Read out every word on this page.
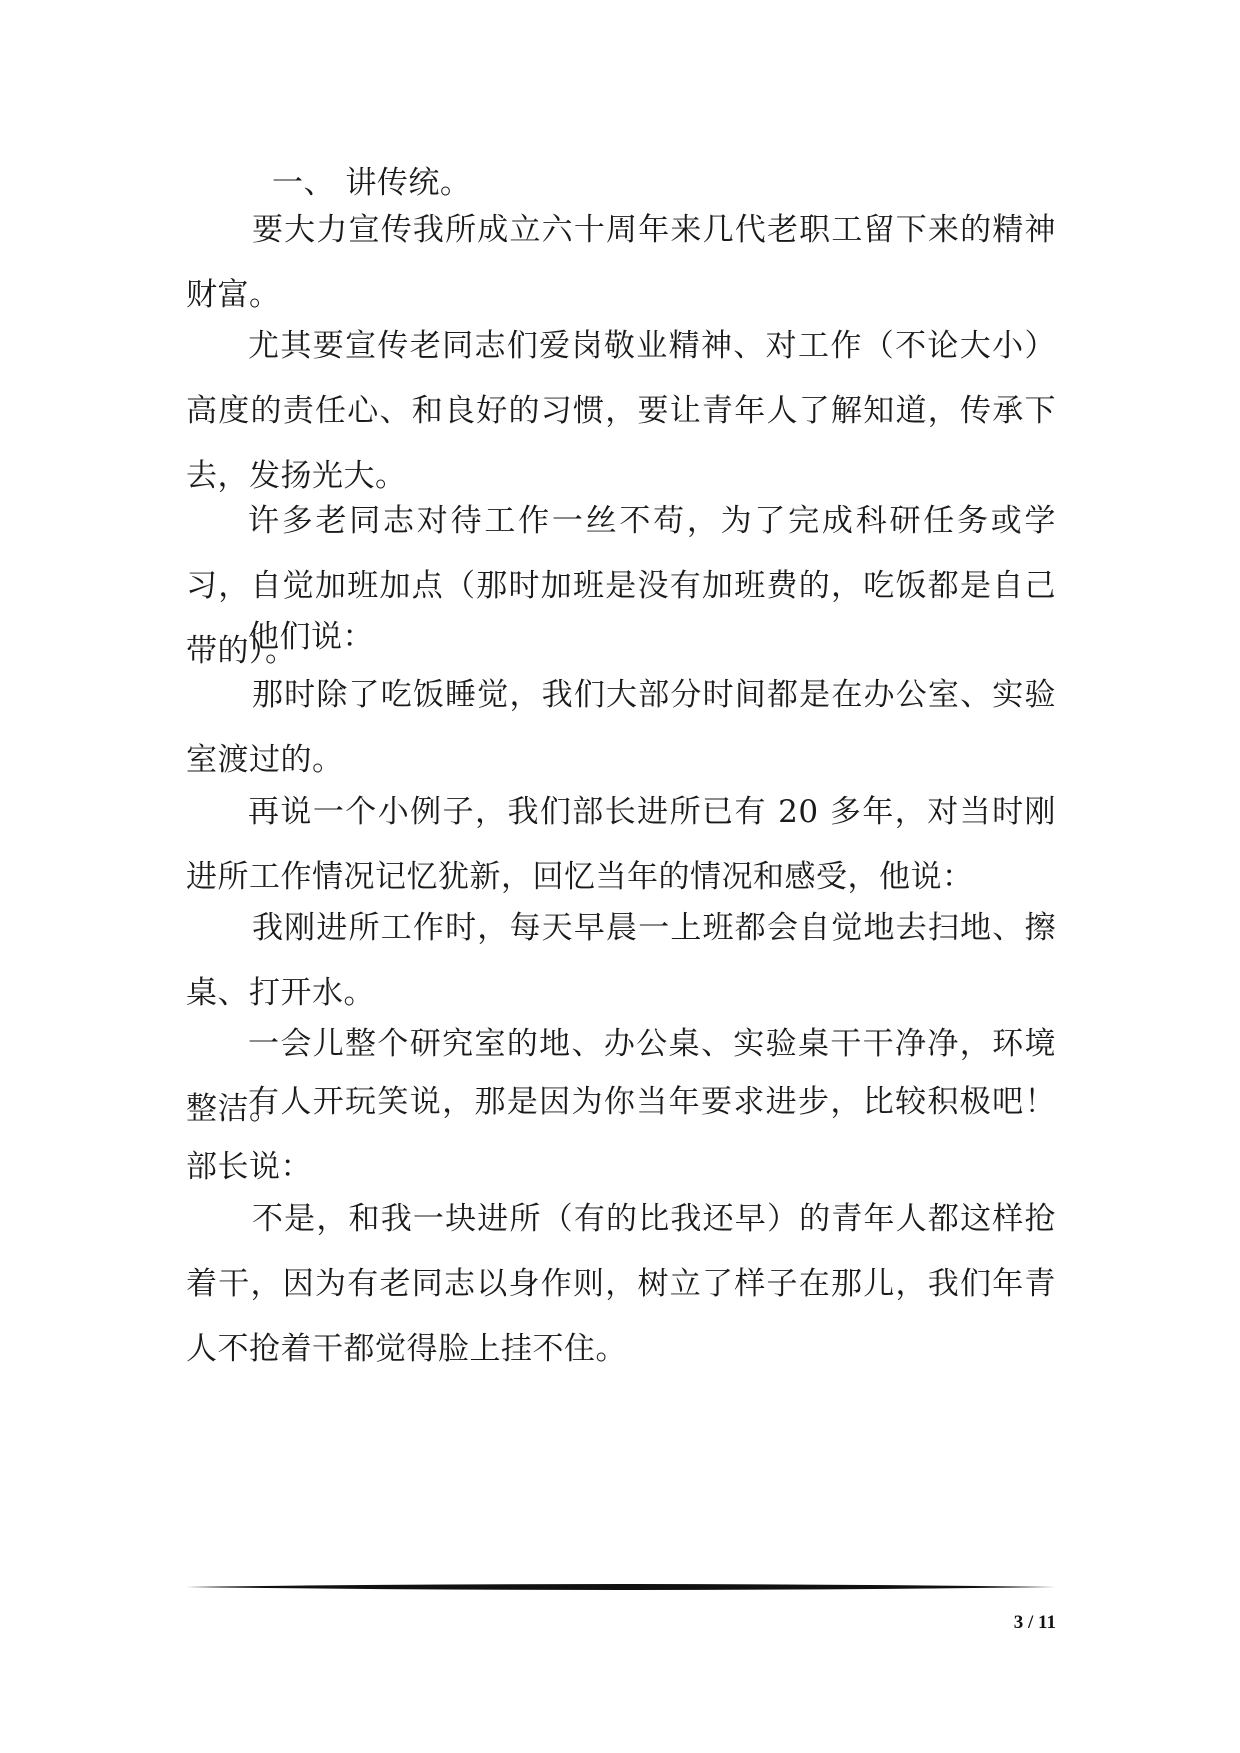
一、 讲传统。

要大力宣传我所成立六十周年来几代老职工留下来的精神财富。

尤其要宣传老同志们爱岗敬业精神、对工作（不论大小）高度的责任心、和良好的习惯，要让青年人了解知道，传承下去，发扬光大。

许多老同志对待工作一丝不苟，为了完成科研任务或学习，自觉加班加点（那时加班是没有加班费的，吃饭都是自己带的）。

他们说：

那时除了吃饭睡觉，我们大部分时间都是在办公室、实验室渡过的。

再说一个小例子，我们部长进所已有 20 多年，对当时刚进所工作情况记忆犹新，回忆当年的情况和感受，他说：

我刚进所工作时，每天早晨一上班都会自觉地去扫地、擦桌、打开水。

一会儿整个研究室的地、办公桌、实验桌干干净净，环境整洁。

有人开玩笑说，那是因为你当年要求进步，比较积极吧！部长说：

不是，和我一块进所（有的比我还早）的青年人都这样抢着干，因为有老同志以身作则，树立了样子在那儿，我们年青人不抢着干都觉得脸上挂不住。

3 / 11
